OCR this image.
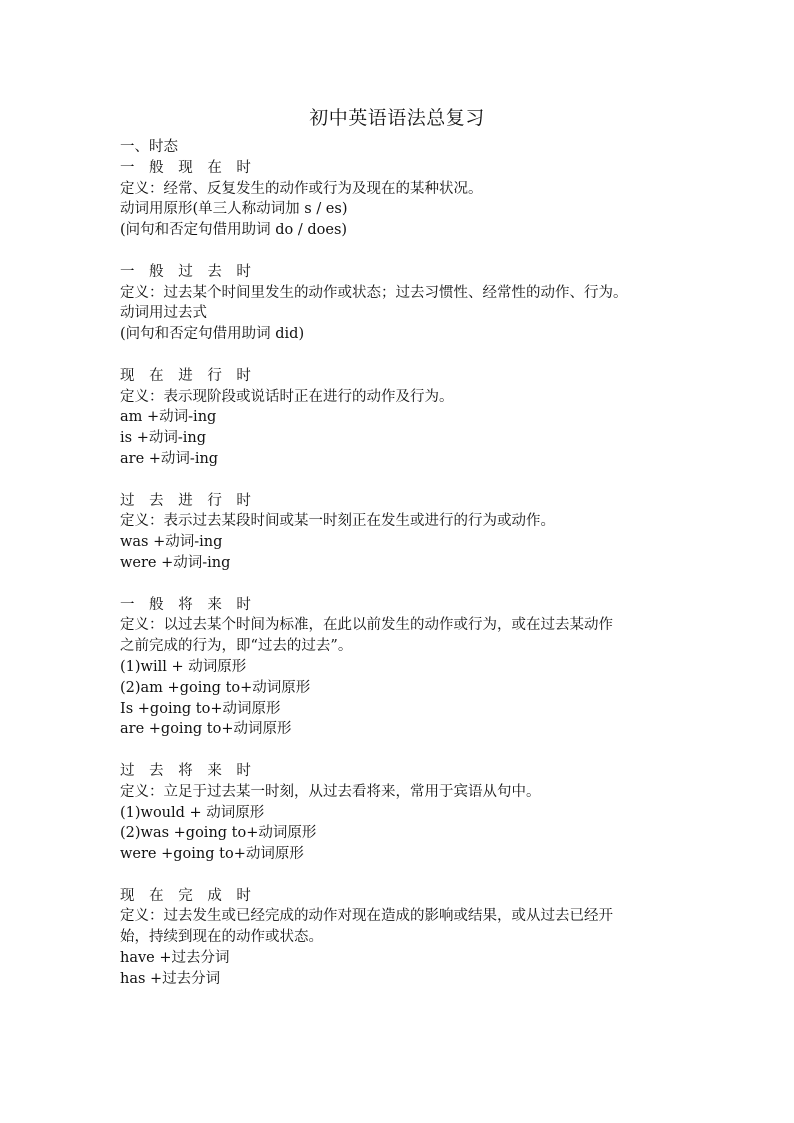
初中英语语法总复习
一、时态
一 般 现 在 时
定义：经常、反复发生的动作或行为及现在的某种状况。
动词用原形(单三人称动词加 s / es)
(问句和否定句借用助词 do / does)
一 般 过 去 时
定义：过去某个时间里发生的动作或状态；过去习惯性、经常性的动作、行为。
动词用过去式
(问句和否定句借用助词 did)
现 在 进 行 时
定义：表示现阶段或说话时正在进行的动作及行为。
am +动词-ing
is +动词-ing
are +动词-ing
过 去 进 行 时
定义：表示过去某段时间或某一时刻正在发生或进行的行为或动作。
was +动词-ing
were +动词-ing
一 般 将 来 时
定义：以过去某个时间为标准，在此以前发生的动作或行为，或在过去某动作
之前完成的行为，即“过去的过去”。
(1)will + 动词原形
(2)am +going to+动词原形
Is +going to+动词原形
are +going to+动词原形
过 去 将 来 时
定义：立足于过去某一时刻，从过去看将来，常用于宾语从句中。
(1)would + 动词原形
(2)was +going to+动词原形
were +going to+动词原形
现 在 完 成 时
定义：过去发生或已经完成的动作对现在造成的影响或结果，或从过去已经开
始，持续到现在的动作或状态。
have +过去分词
has +过去分词
